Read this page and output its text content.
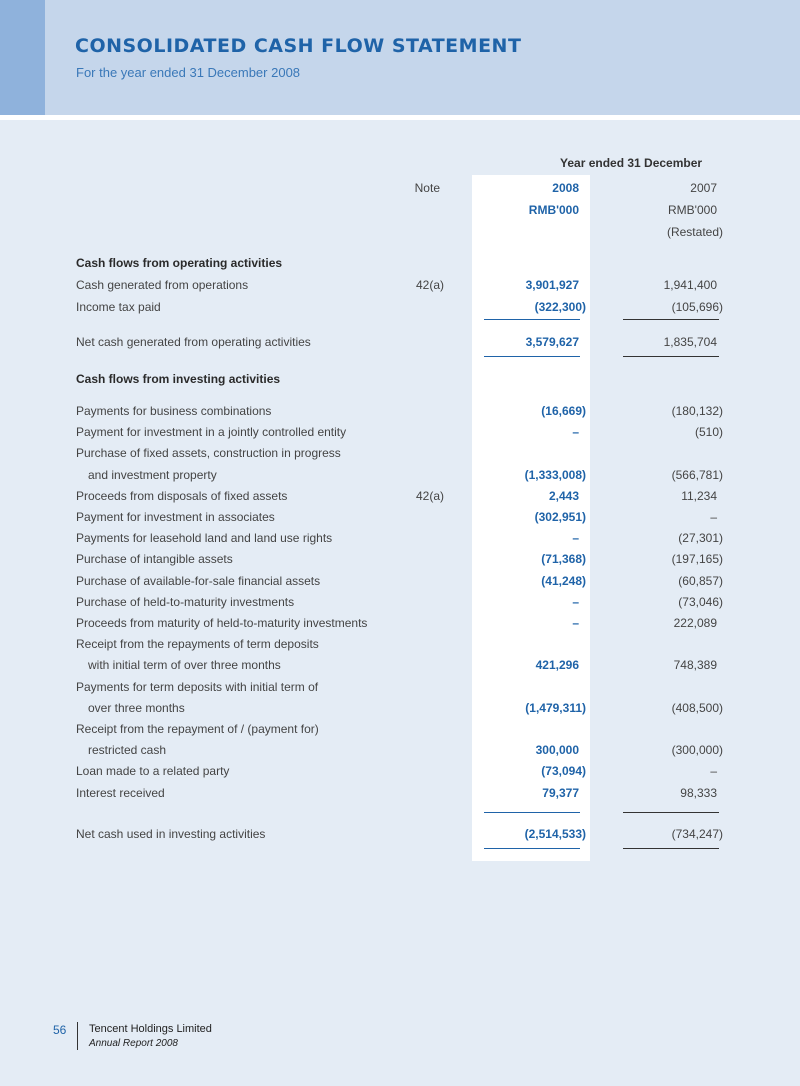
CONSOLIDATED CASH FLOW STATEMENT
For the year ended 31 December 2008
Year ended 31 December
Note	2008	2007
RMB'000	RMB'000
(Restated)
Cash flows from operating activities
Cash generated from operations	42(a)	3,901,927	1,941,400
Income tax paid	(322,300)	(105,696)
Net cash generated from operating activities	3,579,627	1,835,704
Cash flows from investing activities
Payments for business combinations	(16,669)	(180,132)
Payment for investment in a jointly controlled entity	–	(510)
Purchase of fixed assets, construction in progress
and investment property	(1,333,008)	(566,781)
Proceeds from disposals of fixed assets	42(a)	2,443	11,234
Payment for investment in associates	(302,951)	–
Payments for leasehold land and land use rights	–	(27,301)
Purchase of intangible assets	(71,368)	(197,165)
Purchase of available-for-sale financial assets	(41,248)	(60,857)
Purchase of held-to-maturity investments	–	(73,046)
Proceeds from maturity of held-to-maturity investments	–	222,089
Receipt from the repayments of term deposits
with initial term of over three months	421,296	748,389
Payments for term deposits with initial term of
over three months	(1,479,311)	(408,500)
Receipt from the repayment of / (payment for)
restricted cash	300,000	(300,000)
Loan made to a related party	(73,094)	–
Interest received	79,377	98,333
Net cash used in investing activities	(2,514,533)	(734,247)
56 Tencent Holdings Limited
Annual Report 2008
